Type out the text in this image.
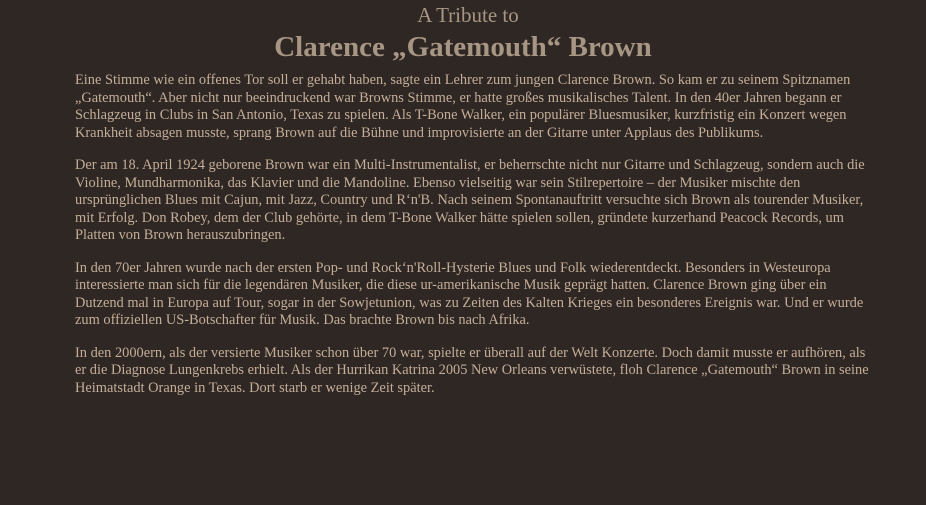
A Tribute to
Clarence „Gatemouth“ Brown

Eine Stimme wie ein offenes Tor soll er gehabt haben, sagte ein Lehrer zum jungen Clarence Brown. So kam er zu seinem Spitznamen „Gatemouth“. Aber nicht nur beeindruckend war Browns Stimme, er hatte großes musikalisches Talent. In den 40er Jahren begann er Schlagzeug in Clubs in San Antonio, Texas zu spielen. Als T-Bone Walker, ein populärer Bluesmusiker, kurzfristig ein Konzert wegen Krankheit absagen musste, sprang Brown auf die Bühne und improvisierte an der Gitarre unter Applaus des Publikums.

Der am 18. April 1924 geborene Brown war ein Multi-Instrumentalist, er beherrschte nicht nur Gitarre und Schlagzeug, sondern auch die Violine, Mundharmonika, das Klavier und die Mandoline. Ebenso vielseitig war sein Stilrepertoire – der Musiker mischte den ursprünglichen Blues mit Cajun, mit Jazz, Country und R‘n'B. Nach seinem Spontanauftritt versuchte sich Brown als tourender Musiker, mit Erfolg. Don Robey, dem der Club gehörte, in dem T-Bone Walker hätte spielen sollen, gründete kurzerhand Peacock Records, um Platten von Brown herauszubringen.

In den 70er Jahren wurde nach der ersten Pop- und Rock‘n'Roll-Hysterie Blues und Folk wiederentdeckt. Besonders in Westeuropa interessierte man sich für die legendären Musiker, die diese ur-amerikanische Musik geprägt hatten. Clarence Brown ging über ein Dutzend mal in Europa auf Tour, sogar in der Sowjetunion, was zu Zeiten des Kalten Krieges ein besonderes Ereignis war. Und er wurde zum offiziellen US-Botschafter für Musik. Das brachte Brown bis nach Afrika.

In den 2000ern, als der versierte Musiker schon über 70 war, spielte er überall auf der Welt Konzerte. Doch damit musste er aufhören, als er die Diagnose Lungenkrebs erhielt. Als der Hurrikan Katrina 2005 New Orleans verwüstete, floh Clarence „Gatemouth“ Brown in seine Heimatstadt Orange in Texas. Dort starb er wenige Zeit später.
